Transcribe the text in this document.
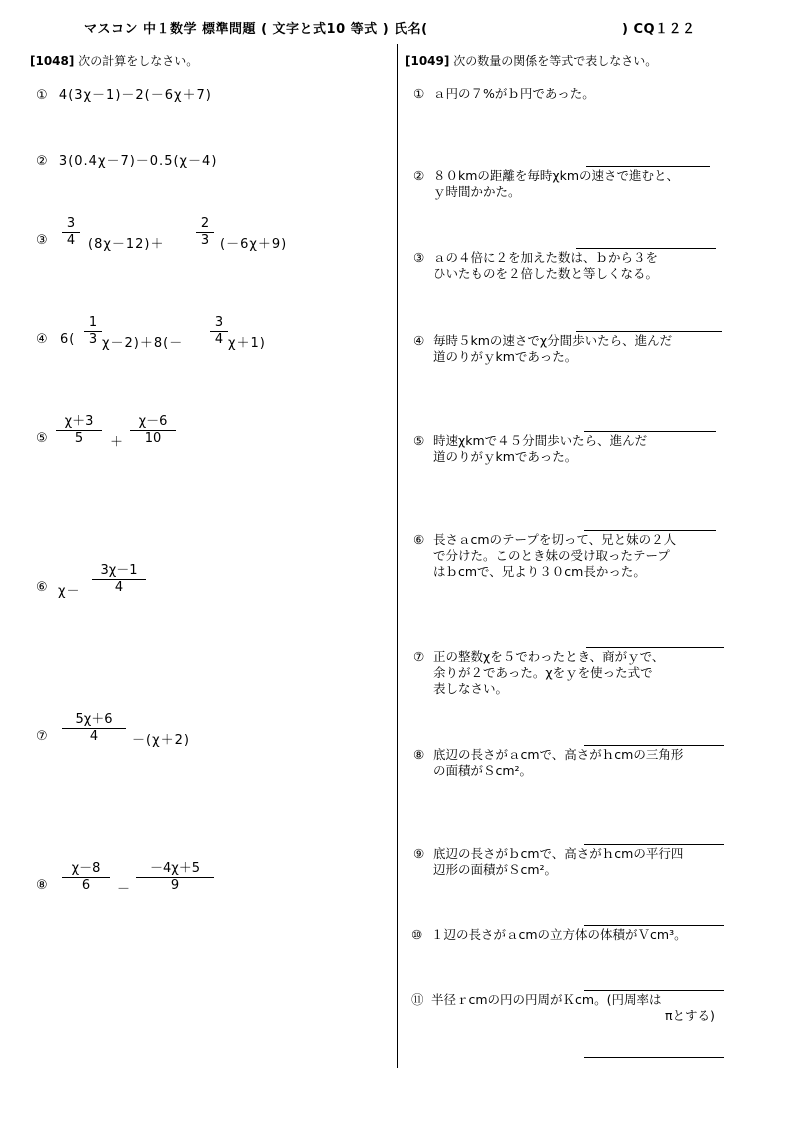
マスコン 中１数学 標準問題 ( 文字と式10 等式 ) 氏名(	) CQ１２２
[1048] 次の計算をしなさい。	[1049] 次の数量の関係を等式で表しなさい。
① 4(3χ－1)－2(－6χ＋7)
② 3(0.4χ－7)－0.5(χ－4)
③
3
4 (8χ－12)＋
2
3 (－6χ＋9)
④ 6(
1
3 χ－2)＋8(－
3
4 χ＋1)
⑤
χ＋3
5	＋
χ－6
10
⑥ χ－
3χ－1
4
⑦
5χ＋6
4	－(χ＋2)
⑧
χ－8
6	－
－4χ＋5
9
① ａ円の７%がｂ円であった。
② ８０kmの距離を毎時χkmの速さで進むと、
ｙ時間かかた。
③ ａの４倍に２を加えた数は、ｂから３を
ひいたものを２倍した数と等しくなる。
④ 毎時５kmの速さでχ分間歩いたら、進んだ
道のりがｙkmであった。
⑤ 時速χkmで４５分間歩いたら、進んだ
道のりがｙkmであった。
⑥ 長さａcmのテープを切って、兄と妹の２人
で分けた。このとき妹の受け取ったテープ
はｂcmで、兄より３０cm長かった。
⑦ 正の整数χを５でわったとき、商がｙで、
余りが２であった。χをｙを使った式で
表しなさい。
⑧ 底辺の長さがａcmで、高さがｈcmの三角形
の面積がＳcm²。
⑨ 底辺の長さがｂcmで、高さがｈcmの平行四
辺形の面積がＳcm²。
⑩ １辺の長さがａcmの立方体の体積がＶcm³。
⑪ 半径ｒcmの円の円周がＫcm。(円周率は
πとする)
